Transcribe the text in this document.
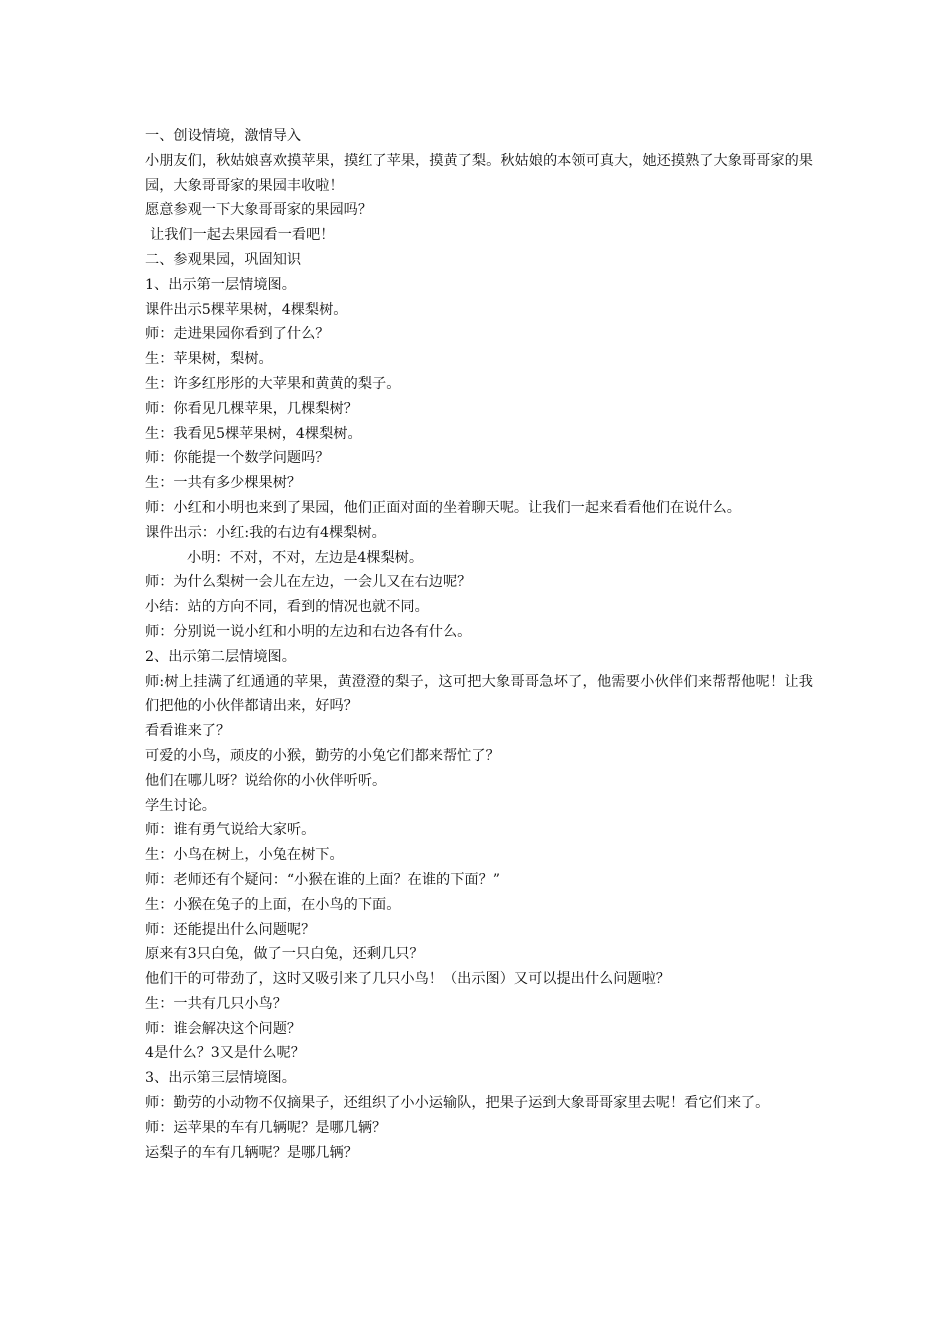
一、创设情境，激情导入

小朋友们，秋姑娘喜欢摸苹果，摸红了苹果，摸黄了梨。秋姑娘的本领可真大，她还摸熟了大象哥哥家的果园，大象哥哥家的果园丰收啦！

愿意参观一下大象哥哥家的果园吗？

让我们一起去果园看一看吧！

二、参观果园，巩固知识

1、出示第一层情境图。

课件出示5棵苹果树，4棵梨树。

师：走进果园你看到了什么？

生：苹果树，梨树。

生：许多红彤彤的大苹果和黄黄的梨子。

师：你看见几棵苹果，几棵梨树？

生：我看见5棵苹果树，4棵梨树。

师：你能提一个数学问题吗？

生：一共有多少棵果树？

师：小红和小明也来到了果园，他们正面对面的坐着聊天呢。让我们一起来看看他们在说什么。

课件出示：小红:我的右边有4棵梨树。

小明：不对，不对，左边是4棵梨树。

师：为什么梨树一会儿在左边，一会儿又在右边呢？

小结：站的方向不同，看到的情况也就不同。

师：分别说一说小红和小明的左边和右边各有什么。

2、出示第二层情境图。

师:树上挂满了红通通的苹果，黄澄澄的梨子，这可把大象哥哥急坏了，他需要小伙伴们来帮帮他呢！让我们把他的小伙伴都请出来，好吗？

看看谁来了？

可爱的小鸟，顽皮的小猴，勤劳的小兔它们都来帮忙了？

他们在哪儿呀？说给你的小伙伴听听。

学生讨论。

师：谁有勇气说给大家听。

生：小鸟在树上，小兔在树下。

师：老师还有个疑问：“小猴在谁的上面？在谁的下面？”

生：小猴在兔子的上面，在小鸟的下面。

师：还能提出什么问题呢？

原来有3只白兔，做了一只白兔，还剩几只？

他们干的可带劲了，这时又吸引来了几只小鸟！（出示图）又可以提出什么问题啦？

生：一共有几只小鸟？

师：谁会解决这个问题？

4是什么？3又是什么呢？

3、出示第三层情境图。

师：勤劳的小动物不仅摘果子，还组织了小小运输队，把果子运到大象哥哥家里去呢！看它们来了。

师：运苹果的车有几辆呢？是哪几辆？

运梨子的车有几辆呢？是哪几辆？
